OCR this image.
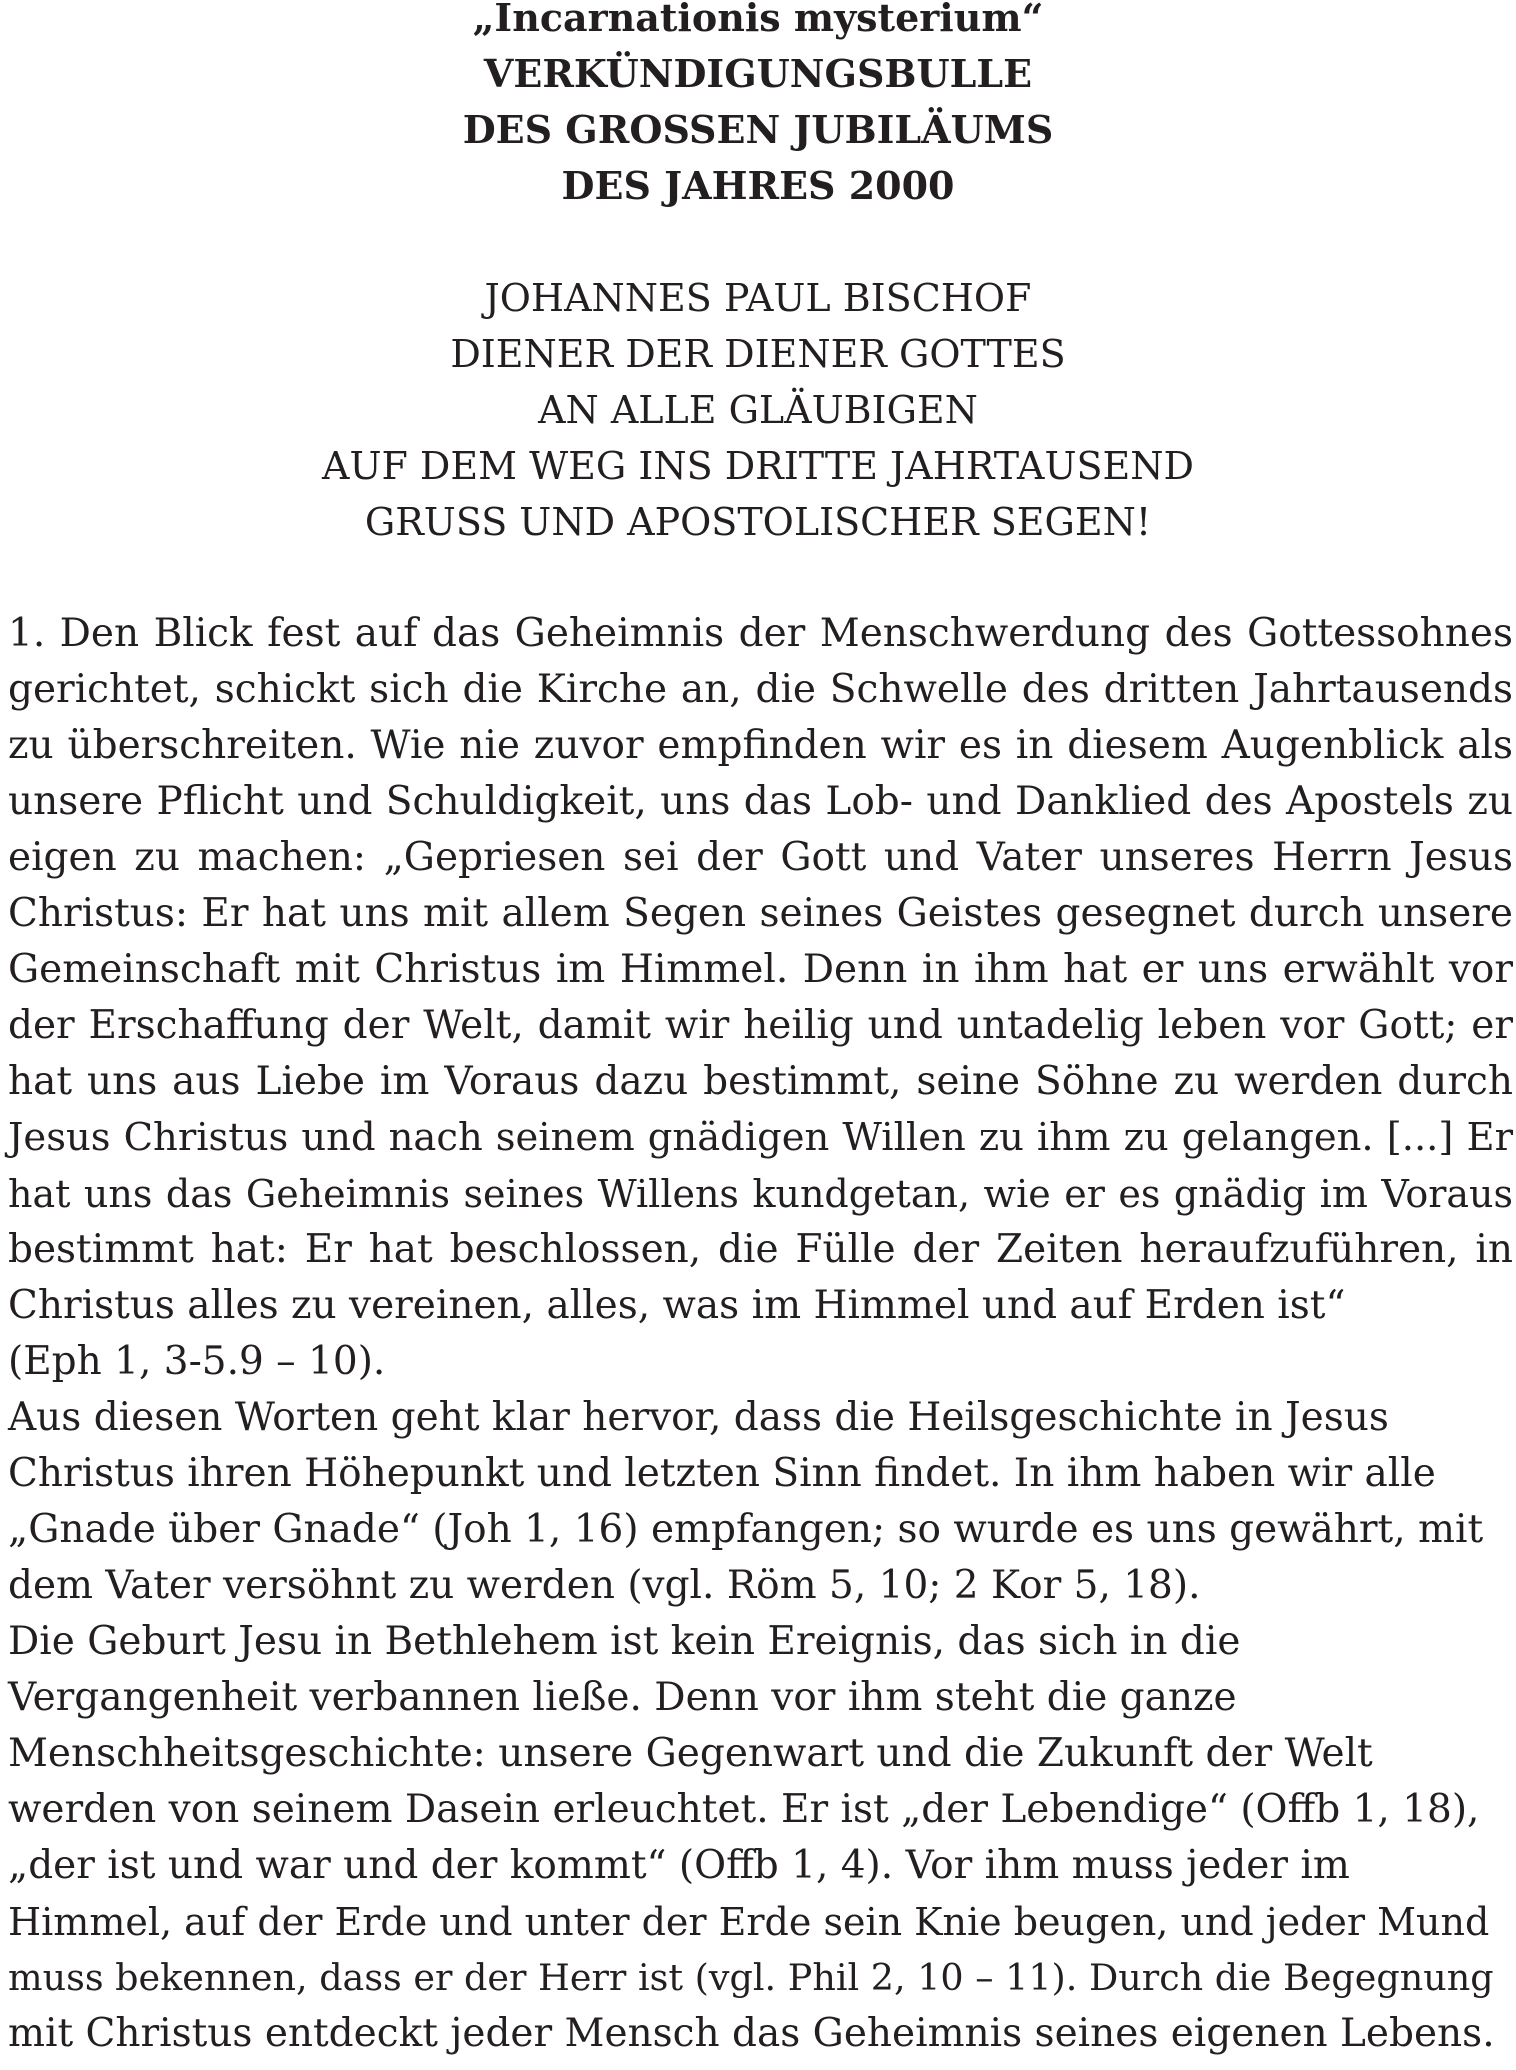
„Incarnationis mysterium“
VERKÜNDIGUNGSBULLE
DES GROSSEN JUBILÄUMS
DES JAHRES 2000
JOHANNES PAUL BISCHOF
DIENER DER DIENER GOTTES
AN ALLE GLÄUBIGEN
AUF DEM WEG INS DRITTE JAHRTAUSEND
GRUSS UND APOSTOLISCHER SEGEN!
1. Den Blick fest auf das Geheimnis der Menschwerdung des Gottessohnes
gerichtet, schickt sich die Kirche an, die Schwelle des dritten Jahrtausends
zu überschreiten. Wie nie zuvor empfinden wir es in diesem Augenblick als
unsere Pflicht und Schuldigkeit, uns das Lob- und Danklied des Apostels zu
eigen zu machen: „Gepriesen sei der Gott und Vater unseres Herrn Jesus
Christus: Er hat uns mit allem Segen seines Geistes gesegnet durch unsere
Gemeinschaft mit Christus im Himmel. Denn in ihm hat er uns erwählt vor
der Erschaffung der Welt, damit wir heilig und untadelig leben vor Gott; er
hat uns aus Liebe im Voraus dazu bestimmt, seine Söhne zu werden durch
Jesus Christus und nach seinem gnädigen Willen zu ihm zu gelangen. [...] Er
hat uns das Geheimnis seines Willens kundgetan, wie er es gnädig im Voraus
bestimmt hat: Er hat beschlossen, die Fülle der Zeiten heraufzuführen, in
Christus alles zu vereinen, alles, was im Himmel und auf Erden ist“
(Eph 1, 3-5.9 – 10).
Aus diesen Worten geht klar hervor, dass die Heilsgeschichte in Jesus
Christus ihren Höhepunkt und letzten Sinn findet. In ihm haben wir alle
„Gnade über Gnade“ (Joh 1, 16) empfangen; so wurde es uns gewährt, mit
dem Vater versöhnt zu werden (vgl. Röm 5, 10; 2 Kor 5, 18).
Die Geburt Jesu in Bethlehem ist kein Ereignis, das sich in die
Vergangenheit verbannen ließe. Denn vor ihm steht die ganze
Menschheitsgeschichte: unsere Gegenwart und die Zukunft der Welt
werden von seinem Dasein erleuchtet. Er ist „der Lebendige“ (Offb 1, 18),
„der ist und war und der kommt“ (Offb 1, 4). Vor ihm muss jeder im
Himmel, auf der Erde und unter der Erde sein Knie beugen, und jeder Mund
muss bekennen, dass er der Herr ist (vgl. Phil 2, 10 – 11). Durch die Begegnung
mit Christus entdeckt jeder Mensch das Geheimnis seines eigenen Lebens.
